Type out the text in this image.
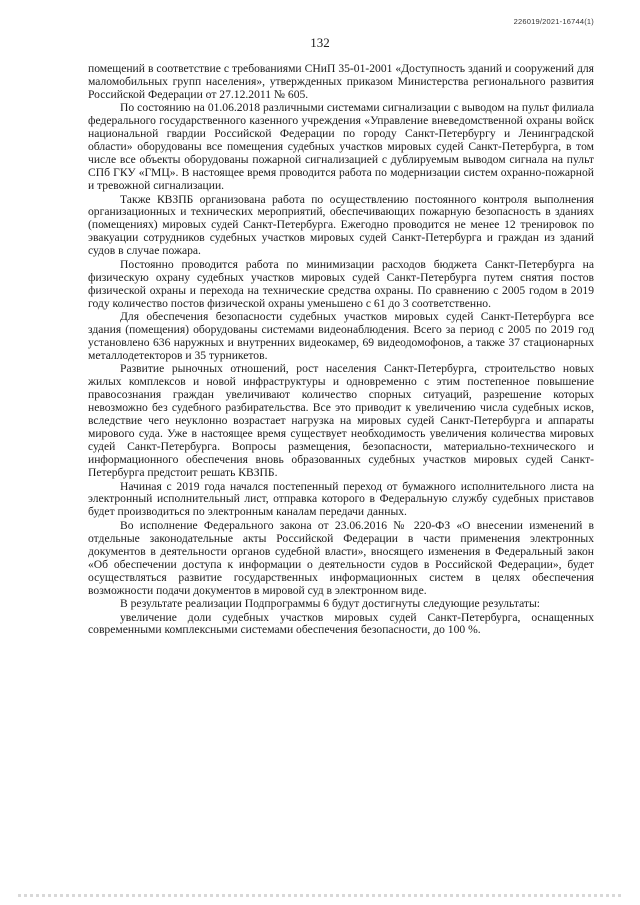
226019/2021-16744(1)
132

помещений в соответствие с требованиями СНиП 35-01-2001 «Доступность зданий и сооружений для маломобильных групп населения», утвержденных приказом Министерства регионального развития Российской Федерации от 27.12.2011 № 605.

По состоянию на 01.06.2018 различными системами сигнализации с выводом на пульт филиала федерального государственного казенного учреждения «Управление вневедомственной охраны войск национальной гвардии Российской Федерации по городу Санкт-Петербургу и Ленинградской области» оборудованы все помещения судебных участков мировых судей Санкт-Петербурга, в том числе все объекты оборудованы пожарной сигнализацией с дублируемым выводом сигнала на пульт СПб ГКУ «ГМЦ». В настоящее время проводится работа по модернизации систем охранно-пожарной и тревожной сигнализации.

Также КВЗПБ организована работа по осуществлению постоянного контроля выполнения организационных и технических мероприятий, обеспечивающих пожарную безопасность в зданиях (помещениях) мировых судей Санкт-Петербурга. Ежегодно проводится не менее 12 тренировок по эвакуации сотрудников судебных участков мировых судей Санкт-Петербурга и граждан из зданий судов в случае пожара.

Постоянно проводится работа по минимизации расходов бюджета Санкт-Петербурга на физическую охрану судебных участков мировых судей Санкт-Петербурга путем снятия постов физической охраны и перехода на технические средства охраны. По сравнению с 2005 годом в 2019 году количество постов физической охраны уменьшено с 61 до 3 соответственно.

Для обеспечения безопасности судебных участков мировых судей Санкт-Петербурга все здания (помещения) оборудованы системами видеонаблюдения. Всего за период с 2005 по 2019 год установлено 636 наружных и внутренних видеокамер, 69 видеодомофонов, а также 37 стационарных металлодетекторов и 35 турникетов.

Развитие рыночных отношений, рост населения Санкт-Петербурга, строительство новых жилых комплексов и новой инфраструктуры и одновременно с этим постепенное повышение правосознания граждан увеличивают количество спорных ситуаций, разрешение которых невозможно без судебного разбирательства. Все это приводит к увеличению числа судебных исков, вследствие чего неуклонно возрастает нагрузка на мировых судей Санкт-Петербурга и аппараты мирового суда. Уже в настоящее время существует необходимость увеличения количества мировых судей Санкт-Петербурга. Вопросы размещения, безопасности, материально-технического и информационного обеспечения вновь образованных судебных участков мировых судей Санкт-Петербурга предстоит решать КВЗПБ.

Начиная с 2019 года начался постепенный переход от бумажного исполнительного листа на электронный исполнительный лист, отправка которого в Федеральную службу судебных приставов будет производиться по электронным каналам передачи данных.

Во исполнение Федерального закона от 23.06.2016 № 220-ФЗ «О внесении изменений в отдельные законодательные акты Российской Федерации в части применения электронных документов в деятельности органов судебной власти», вносящего изменения в Федеральный закон «Об обеспечении доступа к информации о деятельности судов в Российской Федерации», будет осуществляться развитие государственных информационных систем в целях обеспечения возможности подачи документов в мировой суд в электронном виде.

В результате реализации Подпрограммы 6 будут достигнуты следующие результаты:

увеличение доли судебных участков мировых судей Санкт-Петербурга, оснащенных современными комплексными системами обеспечения безопасности, до 100 %.
